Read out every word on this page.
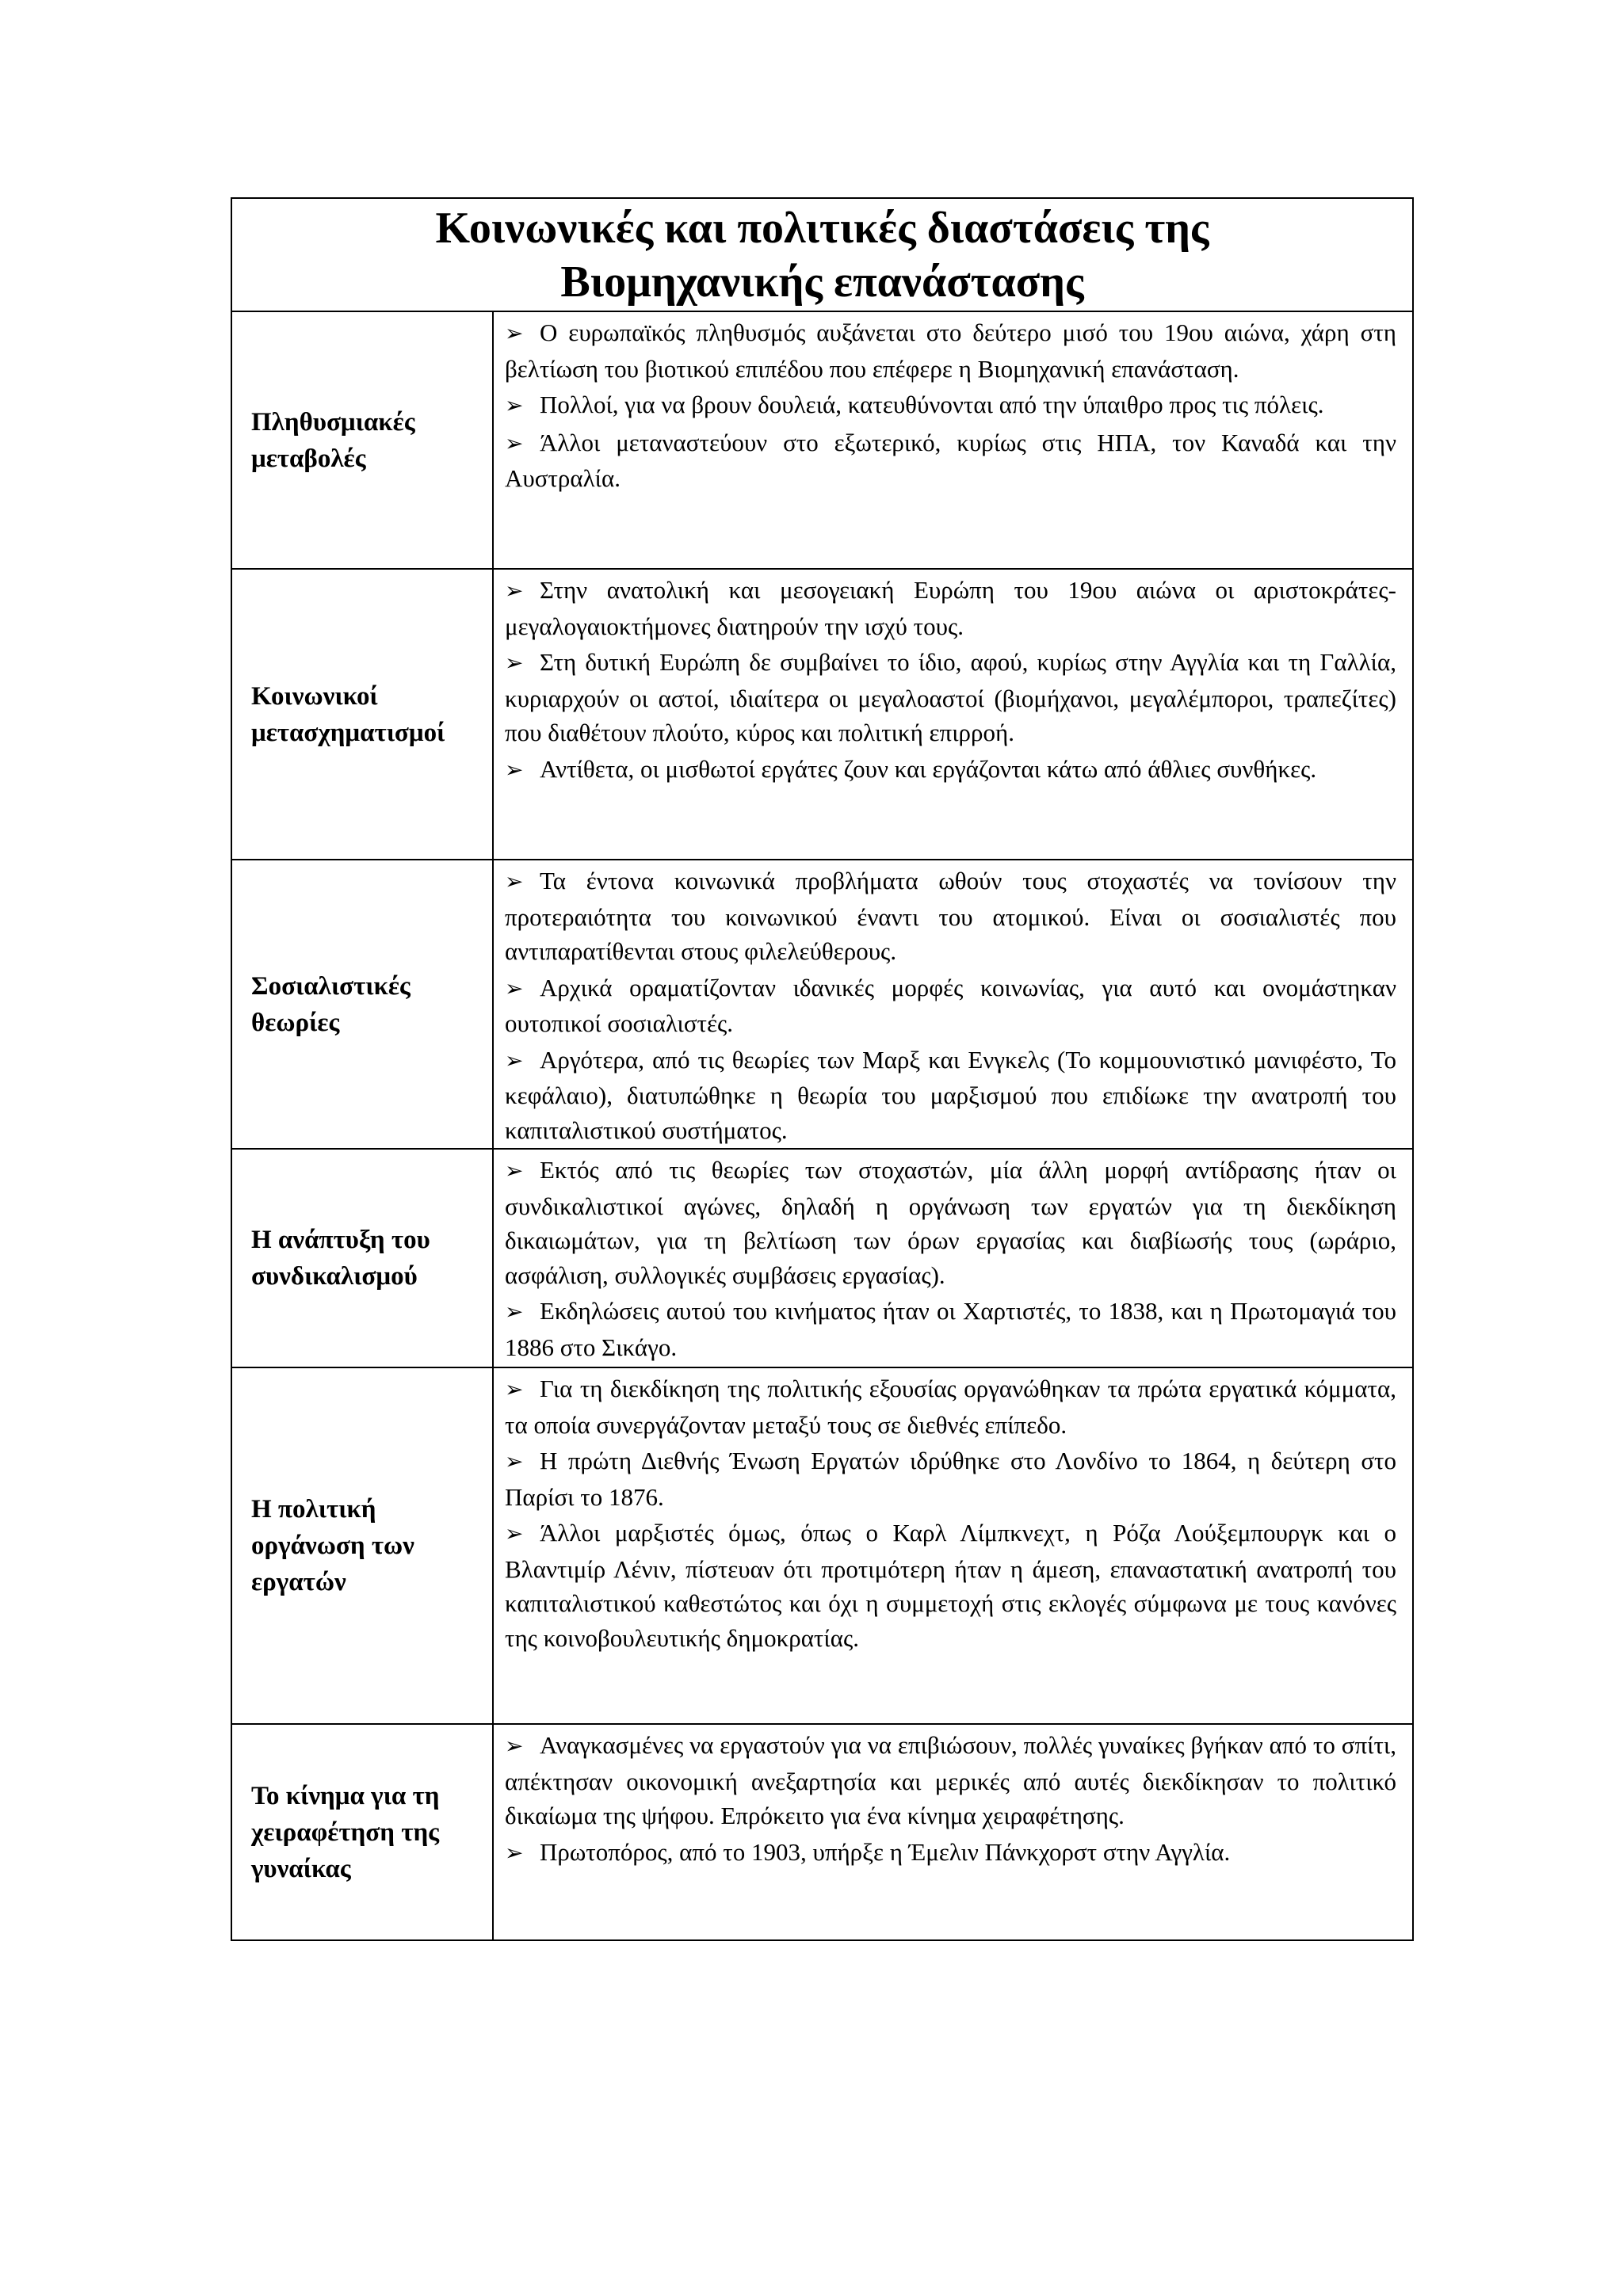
Κοινωνικές και πολιτικές διαστάσεις της
Βιομηχανικής επανάστασης
Πληθυσμιακές μεταβολές
➢ Ο ευρωπαϊκός πληθυσμός αυξάνεται στο δεύτερο μισό του 19ου αιώνα, χάρη στη βελτίωση του βιοτικού επιπέδου που επέφερε η Βιομηχανική επανάσταση.
➢ Πολλοί, για να βρουν δουλειά, κατευθύνονται από την ύπαιθρο προς τις πόλεις.
➢ Άλλοι μεταναστεύουν στο εξωτερικό, κυρίως στις ΗΠΑ, τον Καναδά και την Αυστραλία.
Κοινωνικοί μετασχηματισμοί
➢ Στην ανατολική και μεσογειακή Ευρώπη του 19ου αιώνα οι αριστοκράτες- μεγαλογαιοκτήμονες διατηρούν την ισχύ τους.
➢ Στη δυτική Ευρώπη δε συμβαίνει το ίδιο, αφού, κυρίως στην Αγγλία και τη Γαλλία, κυριαρχούν οι αστοί, ιδιαίτερα οι μεγαλοαστοί (βιομήχανοι, μεγαλέμποροι, τραπεζίτες) που διαθέτουν πλούτο, κύρος και πολιτική επιρροή.
➢ Αντίθετα, οι μισθωτοί εργάτες ζουν και εργάζονται κάτω από άθλιες συνθήκες.
Σοσιαλιστικές θεωρίες
➢ Τα έντονα κοινωνικά προβλήματα ωθούν τους στοχαστές να τονίσουν την προτεραιότητα του κοινωνικού έναντι του ατομικού. Είναι οι σοσιαλιστές που αντιπαρατίθενται στους φιλελεύθερους.
➢ Αρχικά οραματίζονταν ιδανικές μορφές κοινωνίας, για αυτό και ονομάστηκαν ουτοπικοί σοσιαλιστές.
➢ Αργότερα, από τις θεωρίες των Μαρξ και Ενγκελς (Το κομμουνιστικό μανιφέστο, Το κεφάλαιο), διατυπώθηκε η θεωρία του μαρξισμού που επιδίωκε την ανατροπή του καπιταλιστικού συστήματος.
Η ανάπτυξη του συνδικαλισμού
➢ Εκτός από τις θεωρίες των στοχαστών, μία άλλη μορφή αντίδρασης ήταν οι συνδικαλιστικοί αγώνες, δηλαδή η οργάνωση των εργατών για τη διεκδίκηση δικαιωμάτων, για τη βελτίωση των όρων εργασίας και διαβίωσής τους (ωράριο, ασφάλιση, συλλογικές συμβάσεις εργασίας).
➢ Εκδηλώσεις αυτού του κινήματος ήταν οι Χαρτιστές, το 1838, και η Πρωτομαγιά του 1886 στο Σικάγο.
Η πολιτική οργάνωση των εργατών
➢ Για τη διεκδίκηση της πολιτικής εξουσίας οργανώθηκαν τα πρώτα εργατικά κόμματα, τα οποία συνεργάζονταν μεταξύ τους σε διεθνές επίπεδο.
➢ Η πρώτη Διεθνής Ένωση Εργατών ιδρύθηκε στο Λονδίνο το 1864, η δεύτερη στο Παρίσι το 1876.
➢ Άλλοι μαρξιστές όμως, όπως ο Καρλ Λίμπκνεχτ, η Ρόζα Λούξεμπουργκ και ο Βλαντιμίρ Λένιν, πίστευαν ότι προτιμότερη ήταν η άμεση, επαναστατική ανατροπή του καπιταλιστικού καθεστώτος και όχι η συμμετοχή στις εκλογές σύμφωνα με τους κανόνες της κοινοβουλευτικής δημοκρατίας.
Το κίνημα για τη χειραφέτηση της γυναίκας
➢ Αναγκασμένες να εργαστούν για να επιβιώσουν, πολλές γυναίκες βγήκαν από το σπίτι, απέκτησαν οικονομική ανεξαρτησία και μερικές από αυτές διεκδίκησαν το πολιτικό δικαίωμα της ψήφου. Επρόκειτο για ένα κίνημα χειραφέτησης.
➢ Πρωτοπόρος, από το 1903, υπήρξε η Έμελιν Πάνκχορστ στην Αγγλία.
